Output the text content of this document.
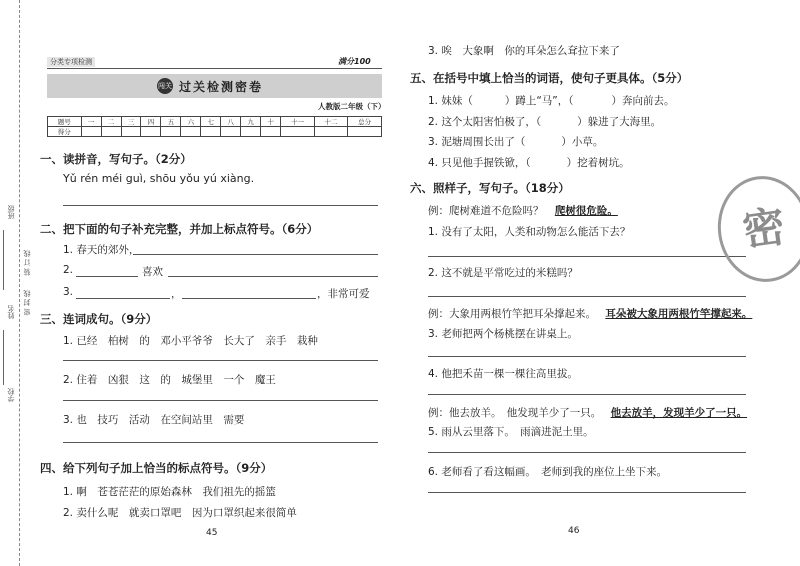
班级
装 订 线
密 封 线
姓名
学校
分类专项检测	满分100
闯关 过关检测密卷
人教版二年级（下）
题号	一	二	三	四	五	六	七	八	九	十	十一	十二	总分
得分													
一、读拼音，写句子。（2分）
Yǔ rén méi guì, shōu yǒu yú xiàng.
二、把下面的句子补充完整，并加上标点符号。（6分）
1. 春天的郊外，
2.	喜欢
3.	，	，非常可爱
三、连词成句。（9分）
1. 已经　柏树　的　邓小平爷爷　长大了　亲手　栽种
2. 住着　凶狠　这　的　城堡里　一个　魔王
3. 也　技巧　活动　在空间站里　需要
四、给下列句子加上恰当的标点符号。（9分）
1. 啊　苍苍茫茫的原始森林　我们祖先的摇篮
2. 卖什么呢　就卖口罩吧　因为口罩织起来很简单
45
3. 唉　大象啊　你的耳朵怎么耷拉下来了
五、在括号中填上恰当的词语，使句子更具体。（5分）
1. 妹妹（	）蹲上“马”，（	）奔向前去。
2. 这个太阳害怕极了，（	）躲进了大海里。
3. 泥塘周围长出了（	）小草。
4. 只见他手握铁锨，（	）挖着树坑。
六、照样子，写句子。（18分）
例：爬树难道不危险吗？ 爬树很危险。
1. 没有了太阳，人类和动物怎么能活下去？
2. 这不就是平常吃过的米糕吗？
例：大象用两根竹竿把耳朵撑起来。 耳朵被大象用两根竹竿撑起来。
3. 老师把两个杨桃摆在讲桌上。
4. 他把禾苗一棵一棵往高里拔。
例：他去放羊。　他发现羊少了一只。 他去放羊，发现羊少了一只。
5. 雨从云里落下。　雨滴进泥土里。
6. 老师看了看这幅画。　老师到我的座位上坐下来。
46
密
